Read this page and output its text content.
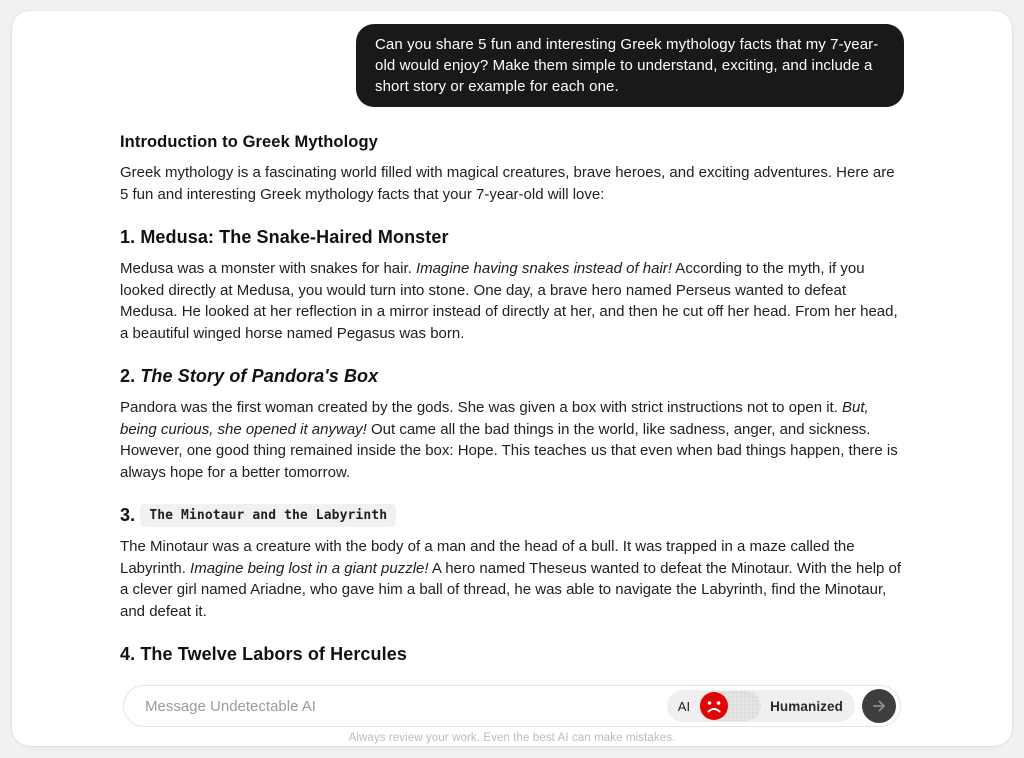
Can you share 5 fun and interesting Greek mythology facts that my 7-year-old would enjoy? Make them simple to understand, exciting, and include a short story or example for each one.
Introduction to Greek Mythology

Greek mythology is a fascinating world filled with magical creatures, brave heroes, and exciting adventures. Here are 5 fun and interesting Greek mythology facts that your 7-year-old will love:

1. Medusa: The Snake-Haired Monster

Medusa was a monster with snakes for hair. Imagine having snakes instead of hair! According to the myth, if you looked directly at Medusa, you would turn into stone. One day, a brave hero named Perseus wanted to defeat Medusa. He looked at her reflection in a mirror instead of directly at her, and then he cut off her head. From her head, a beautiful winged horse named Pegasus was born.

2. The Story of Pandora's Box

Pandora was the first woman created by the gods. She was given a box with strict instructions not to open it. But, being curious, she opened it anyway! Out came all the bad things in the world, like sadness, anger, and sickness. However, one good thing remained inside the box: Hope. This teaches us that even when bad things happen, there is always hope for a better tomorrow.

3. The Minotaur and the Labyrinth

The Minotaur was a creature with the body of a man and the head of a bull. It was trapped in a maze called the Labyrinth. Imagine being lost in a giant puzzle! A hero named Theseus wanted to defeat the Minotaur. With the help of a clever girl named Ariadne, who gave him a ball of thread, he was able to navigate the Labyrinth, find the Minotaur, and defeat it.

4. The Twelve Labors of Hercules
Message Undetectable AI
AI	Humanized
Always review your work. Even the best AI can make mistakes.
